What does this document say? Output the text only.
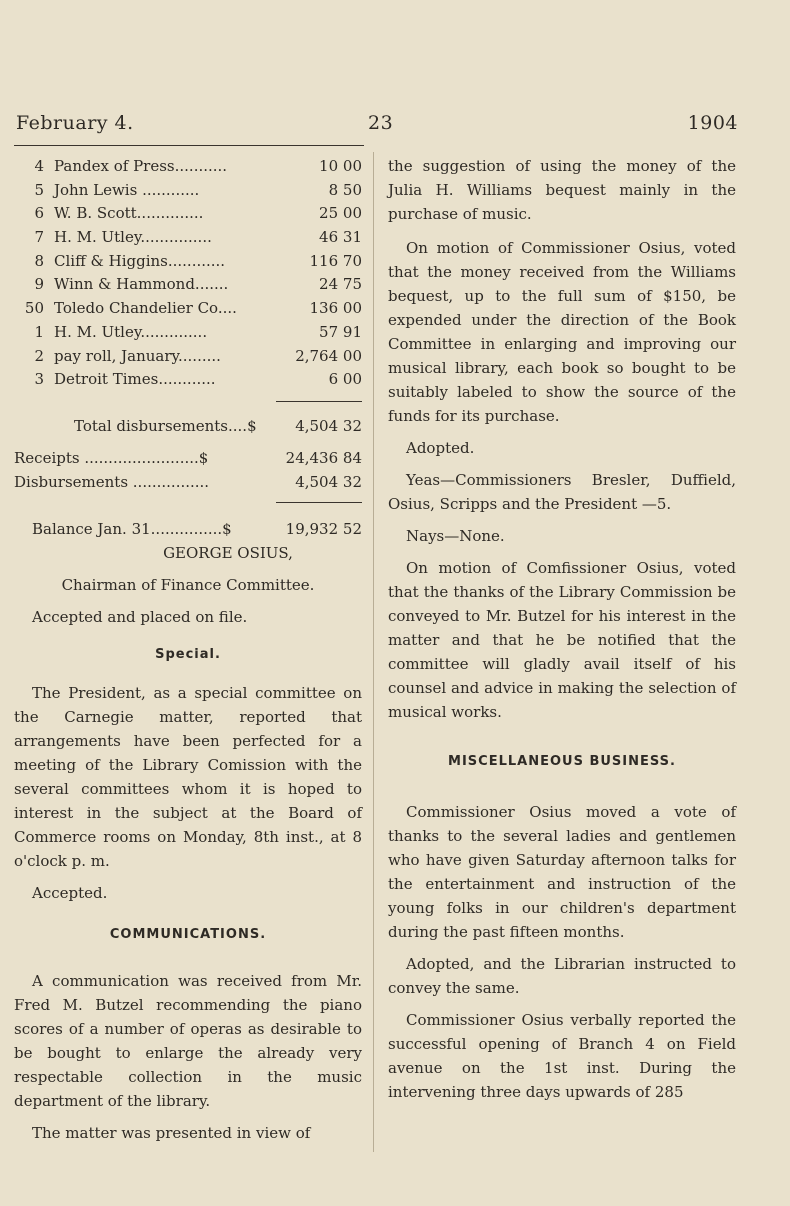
February 4.	23	1904
4 Pandex of Press...........	10 00
5 John Lewis ............	8 50
6 W. B. Scott..............	25 00
7 H. M. Utley...............	46 31
8 Cliff & Higgins............	116 70
9 Winn & Hammond.......	24 75
50 Toledo Chandelier Co....	136 00
1 H. M. Utley..............	57 91
2 pay roll, January.........	2,764 00
3 Detroit Times............	6 00
Total disbursements....$	4,504 32
Receipts ........................$	24,436 84
Disbursements ................	4,504 32
Balance Jan. 31...............$	19,932 52

GEORGE OSIUS,

Chairman of Finance Committee.

Accepted and placed on file.

Special.

The President, as a special committee on the Carnegie matter, reported that arrangements have been perfected for a meeting of the Library Comission with the several committees whom it is hoped to interest in the subject at the Board of Commerce rooms on Monday, 8th inst., at 8 o'clock p. m.

Accepted.

COMMUNICATIONS.

A communication was received from Mr. Fred M. Butzel recommending the piano scores of a number of operas as desirable to be bought to enlarge the already very respectable collection in the music department of the library.

The matter was presented in view of

the suggestion of using the money of the Julia H. Williams bequest mainly in the purchase of music.

On motion of Commissioner Osius, voted that the money received from the Williams bequest, up to the full sum of $150, be expended under the direction of the Book Committee in enlarging and improving our musical library, each book so bought to be suitably labeled to show the source of the funds for its purchase.

Adopted.

Yeas—Commissioners Bresler, Duffield, Osius, Scripps and the President —5.

Nays—None.

On motion of Comfissioner Osius, voted that the thanks of the Library Commission be conveyed to Mr. Butzel for his interest in the matter and that he be notified that the committee will gladly avail itself of his counsel and advice in making the selection of musical works.

MISCELLANEOUS BUSINESS.

Commissioner Osius moved a vote of thanks to the several ladies and gentlemen who have given Saturday afternoon talks for the entertainment and instruction of the young folks in our children's department during the past fifteen months.

Adopted, and the Librarian instructed to convey the same.

Commissioner Osius verbally reported the successful opening of Branch 4 on Field avenue on the 1st inst. During the intervening three days upwards of 285
